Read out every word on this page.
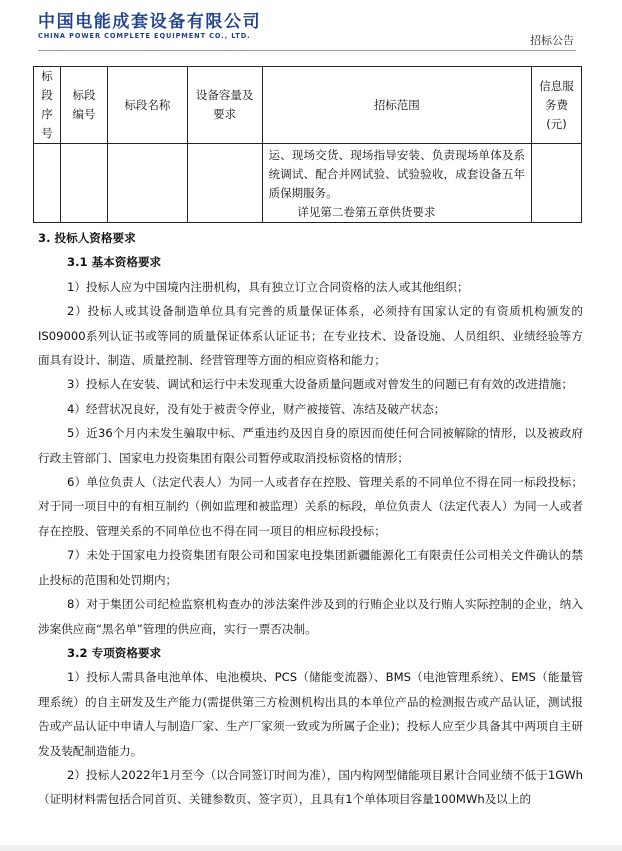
中国电能成套设备有限公司
CHINA POWER COMPLETE EQUIPMENT CO., LTD.	招标公告
标段序号	标段编号	标段名称	设备容量及要求	招标范围	信息服务费(元)

				运、现场交货、现场指导安装、负责现场单体及系统调试、配合并网试验、试验验收，成套设备五年质保期服务。
详见第二卷第五章供货要求	

3. 投标人资格要求

3.1 基本资格要求

1）投标人应为中国境内注册机构，具有独立订立合同资格的法人或其他组织；

2）投标人或其设备制造单位具有完善的质量保证体系，必须持有国家认定的有资质机构颁发的IS09000系列认证书或等同的质量保证体系认证证书；在专业技术、设备设施、人员组织、业绩经验等方面具有设计、制造、质量控制、经营管理等方面的相应资格和能力；

3）投标人在安装、调试和运行中未发现重大设备质量问题或对曾发生的问题已有有效的改进措施；

4）经营状况良好，没有处于被责令停业，财产被接管、冻结及破产状态；

5）近36个月内未发生骗取中标、严重违约及因自身的原因而使任何合同被解除的情形，以及被政府行政主管部门、国家电力投资集团有限公司暂停或取消投标资格的情形；

6）单位负责人（法定代表人）为同一人或者存在控股、管理关系的不同单位不得在同一标段投标；对于同一项目中的有相互制约（例如监理和被监理）关系的标段，单位负责人（法定代表人）为同一人或者存在控股、管理关系的不同单位也不得在同一项目的相应标段投标；

7）未处于国家电力投资集团有限公司和国家电投集团新疆能源化工有限责任公司相关文件确认的禁止投标的范围和处罚期内；

8）对于集团公司纪检监察机构查办的涉法案件涉及到的行贿企业以及行贿人实际控制的企业，纳入涉案供应商“黑名单”管理的供应商，实行一票否决制。

3.2 专项资格要求

1）投标人需具备电池单体、电池模块、PCS（储能变流器）、BMS（电池管理系统）、EMS（能量管理系统）的自主研发及生产能力(需提供第三方检测机构出具的本单位产品的检测报告或产品认证，测试报告或产品认证中申请人与制造厂家、生产厂家须一致或为所属子企业)；投标人应至少具备其中两项自主研发及装配制造能力。

2）投标人2022年1月至今（以合同签订时间为准），国内构网型储能项目累计合同业绩不低于1GWh（证明材料需包括合同首页、关键参数页、签字页），且具有1个单体项目容量100MWh及以上的
